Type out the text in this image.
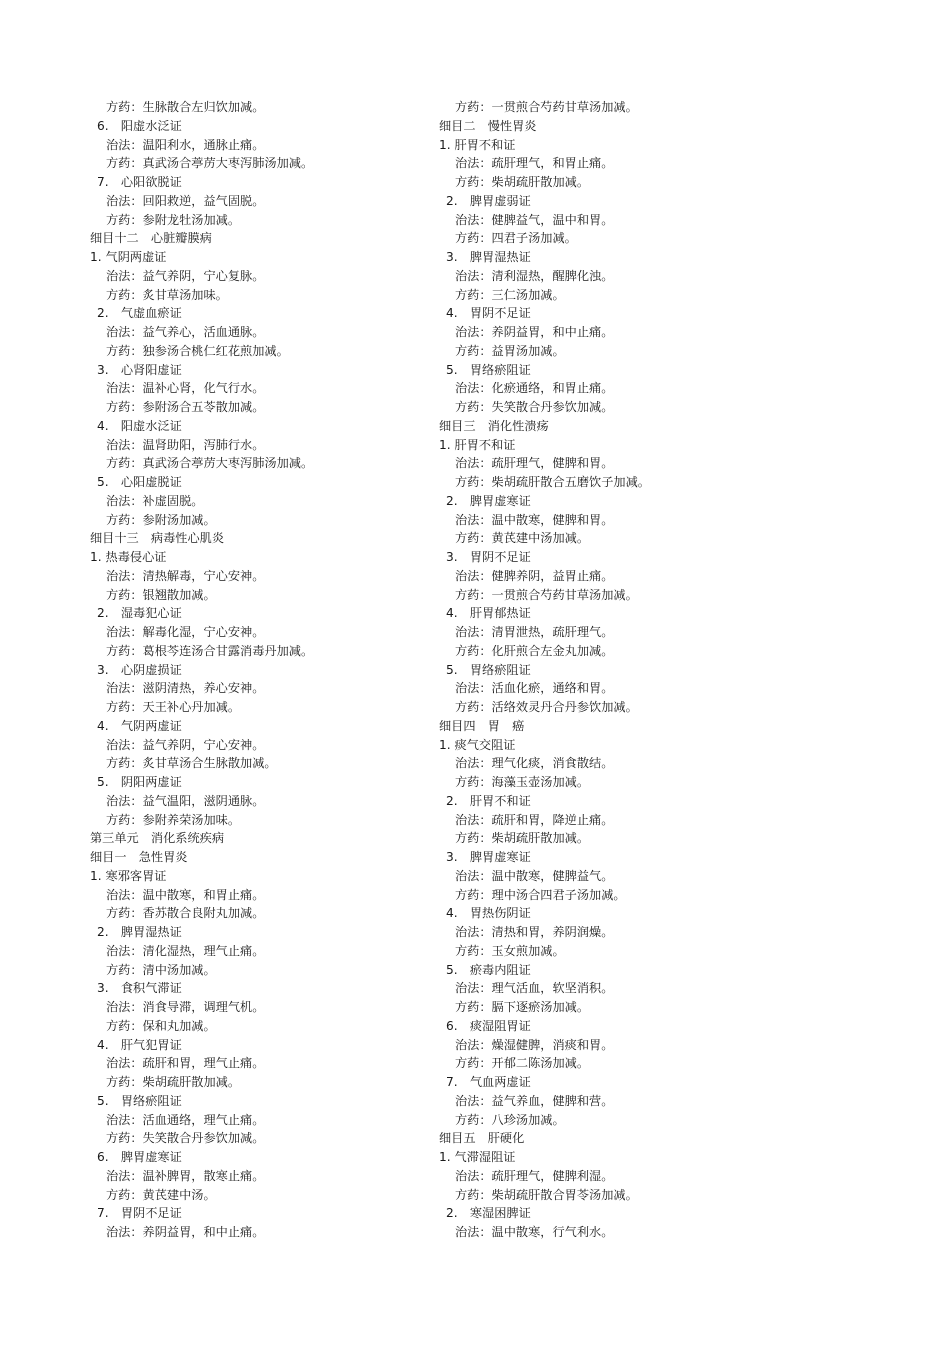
方药：生脉散合左归饮加减。
6.　阳虚水泛证
治法：温阳利水，通脉止痛。
方药：真武汤合葶苈大枣泻肺汤加减。
7.　心阳欲脱证
治法：回阳救逆，益气固脱。
方药：参附龙牡汤加减。
细目十二　心脏瓣膜病
1. 气阴两虚证
治法：益气养阴，宁心复脉。
方药：炙甘草汤加味。
2.　气虚血瘀证
治法：益气养心，活血通脉。
方药：独参汤合桃仁红花煎加减。
3.　心肾阳虚证
治法：温补心肾，化气行水。
方药：参附汤合五苓散加减。
4.　阳虚水泛证
治法：温肾助阳，泻肺行水。
方药：真武汤合葶苈大枣泻肺汤加减。
5.　心阳虚脱证
治法：补虚固脱。
方药：参附汤加减。
细目十三　病毒性心肌炎
1. 热毒侵心证
治法：清热解毒，宁心安神。
方药：银翘散加减。
2.　湿毒犯心证
治法：解毒化湿，宁心安神。
方药：葛根芩连汤合甘露消毒丹加减。
3.　心阴虚损证
治法：滋阴清热，养心安神。
方药：天王补心丹加减。
4.　气阴两虚证
治法：益气养阴，宁心安神。
方药：炙甘草汤合生脉散加减。
5.　阴阳两虚证
治法：益气温阳，滋阴通脉。
方药：参附养荣汤加味。
第三单元　消化系统疾病
细目一　急性胃炎
1. 寒邪客胃证
治法：温中散寒，和胃止痛。
方药：香苏散合良附丸加减。
2.　脾胃湿热证
治法：清化湿热，理气止痛。
方药：清中汤加减。
3.　食积气滞证
治法：消食导滞，调理气机。
方药：保和丸加减。
4.　肝气犯胃证
治法：疏肝和胃，理气止痛。
方药：柴胡疏肝散加减。
5.　胃络瘀阻证
治法：活血通络，理气止痛。
方药：失笑散合丹参饮加减。
6.　脾胃虚寒证
治法：温补脾胃，散寒止痛。
方药：黄芪建中汤。
7.　胃阴不足证
治法：养阴益胃，和中止痛。
方药：一贯煎合芍药甘草汤加减。
细目二　慢性胃炎
1. 肝胃不和证
治法：疏肝理气，和胃止痛。
方药：柴胡疏肝散加减。
2.　脾胃虚弱证
治法：健脾益气，温中和胃。
方药：四君子汤加减。
3.　脾胃湿热证
治法：清利湿热，醒脾化浊。
方药：三仁汤加减。
4.　胃阴不足证
治法：养阴益胃，和中止痛。
方药：益胃汤加减。
5.　胃络瘀阻证
治法：化瘀通络，和胃止痛。
方药：失笑散合丹参饮加减。
细目三　消化性溃疡
1. 肝胃不和证
治法：疏肝理气，健脾和胃。
方药：柴胡疏肝散合五磨饮子加减。
2.　脾胃虚寒证
治法：温中散寒，健脾和胃。
方药：黄芪建中汤加减。
3.　胃阴不足证
治法：健脾养阴，益胃止痛。
方药：一贯煎合芍药甘草汤加减。
4.　肝胃郁热证
治法：清胃泄热，疏肝理气。
方药：化肝煎合左金丸加减。
5.　胃络瘀阻证
治法：活血化瘀，通络和胃。
方药：活络效灵丹合丹参饮加减。
细目四　胃　癌
1. 痰气交阻证
治法：理气化痰，消食散结。
方药：海藻玉壶汤加减。
2.　肝胃不和证
治法：疏肝和胃，降逆止痛。
方药：柴胡疏肝散加减。
3.　脾胃虚寒证
治法：温中散寒，健脾益气。
方药：理中汤合四君子汤加减。
4.　胃热伤阴证
治法：清热和胃，养阴润燥。
方药：玉女煎加减。
5.　瘀毒内阻证
治法：理气活血，软坚消积。
方药：膈下逐瘀汤加减。
6.　痰湿阻胃证
治法：燥湿健脾，消痰和胃。
方药：开郁二陈汤加减。
7.　气血两虚证
治法：益气养血，健脾和营。
方药：八珍汤加减。
细目五　肝硬化
1. 气滞湿阻证
治法：疏肝理气，健脾利湿。
方药：柴胡疏肝散合胃苓汤加减。
2.　寒湿困脾证
治法：温中散寒，行气利水。
